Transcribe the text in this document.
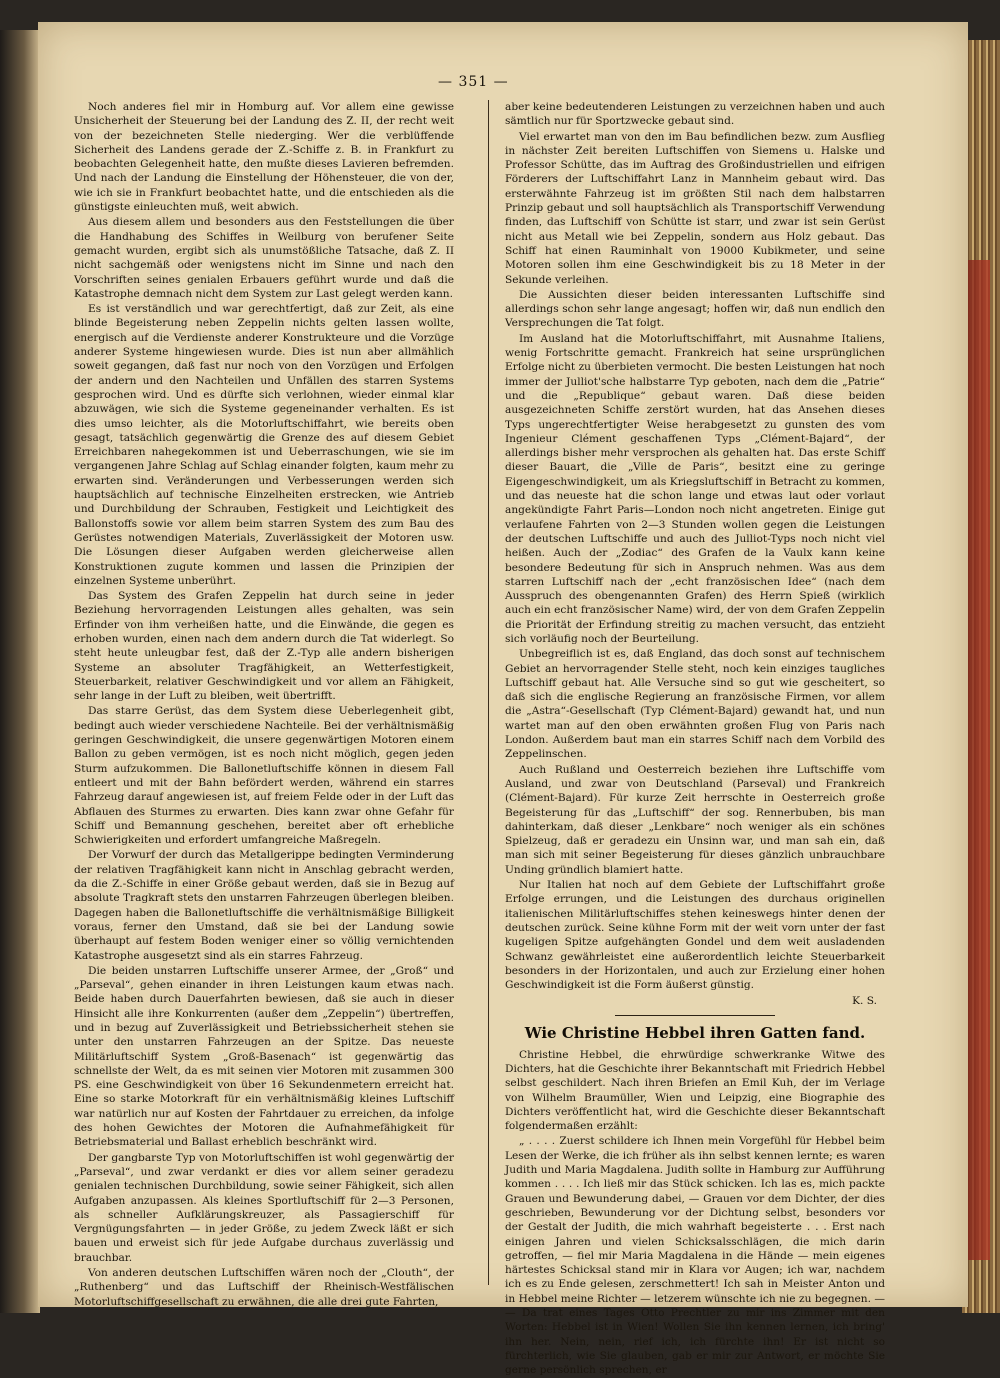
— 351 —

Noch anderes fiel mir in Homburg auf. Vor allem eine gewisse Unsicherheit der Steuerung bei der Landung des Z. II, der recht weit von der bezeichneten Stelle niederging. Wer die verblüffende Sicherheit des Landens gerade der Z.-Schiffe z. B. in Frankfurt zu beobachten Gelegenheit hatte, den mußte dieses Lavieren befremden. Und nach der Landung die Einstellung der Höhensteuer, die von der, wie ich sie in Frankfurt beobachtet hatte, und die entschieden als die günstigste einleuchten muß, weit abwich.

Aus diesem allem und besonders aus den Feststellungen die über die Handhabung des Schiffes in Weilburg von berufener Seite gemacht wurden, ergibt sich als unumstößliche Tatsache, daß Z. II nicht sachgemäß oder wenigstens nicht im Sinne und nach den Vorschriften seines genialen Erbauers geführt wurde und daß die Katastrophe demnach nicht dem System zur Last gelegt werden kann.

Es ist verständlich und war gerechtfertigt, daß zur Zeit, als eine blinde Begeisterung neben Zeppelin nichts gelten lassen wollte, energisch auf die Verdienste anderer Konstrukteure und die Vorzüge anderer Systeme hingewiesen wurde. Dies ist nun aber allmählich soweit gegangen, daß fast nur noch von den Vorzügen und Erfolgen der andern und den Nachteilen und Unfällen des starren Systems gesprochen wird. Und es dürfte sich verlohnen, wieder einmal klar abzuwägen, wie sich die Systeme gegeneinander verhalten. Es ist dies umso leichter, als die Motorluftschiffahrt, wie bereits oben gesagt, tatsächlich gegenwärtig die Grenze des auf diesem Gebiet Erreichbaren nahegekommen ist und Ueberraschungen, wie sie im vergangenen Jahre Schlag auf Schlag einander folgten, kaum mehr zu erwarten sind. Veränderungen und Verbesserungen werden sich hauptsächlich auf technische Einzelheiten erstrecken, wie Antrieb und Durchbildung der Schrauben, Festigkeit und Leichtigkeit des Ballonstoffs sowie vor allem beim starren System des zum Bau des Gerüstes notwendigen Materials, Zuverlässigkeit der Motoren usw. Die Lösungen dieser Aufgaben werden gleicherweise allen Konstruktionen zugute kommen und lassen die Prinzipien der einzelnen Systeme unberührt.

Das System des Grafen Zeppelin hat durch seine in jeder Beziehung hervorragenden Leistungen alles gehalten, was sein Erfinder von ihm verheißen hatte, und die Einwände, die gegen es erhoben wurden, einen nach dem andern durch die Tat widerlegt. So steht heute unleugbar fest, daß der Z.-Typ alle andern bisherigen Systeme an absoluter Tragfähigkeit, an Wetterfestigkeit, Steuerbarkeit, relativer Geschwindigkeit und vor allem an Fähigkeit, sehr lange in der Luft zu bleiben, weit übertrifft.

Das starre Gerüst, das dem System diese Ueberlegenheit gibt, bedingt auch wieder verschiedene Nachteile. Bei der verhältnismäßig geringen Geschwindigkeit, die unsere gegenwärtigen Motoren einem Ballon zu geben vermögen, ist es noch nicht möglich, gegen jeden Sturm aufzukommen. Die Ballonetluftschiffe können in diesem Fall entleert und mit der Bahn befördert werden, während ein starres Fahrzeug darauf angewiesen ist, auf freiem Felde oder in der Luft das Abflauen des Sturmes zu erwarten. Dies kann zwar ohne Gefahr für Schiff und Bemannung geschehen, bereitet aber oft erhebliche Schwierigkeiten und erfordert umfangreiche Maßregeln.

Der Vorwurf der durch das Metallgerippe bedingten Verminderung der relativen Tragfähigkeit kann nicht in Anschlag gebracht werden, da die Z.-Schiffe in einer Größe gebaut werden, daß sie in Bezug auf absolute Tragkraft stets den unstarren Fahrzeugen überlegen bleiben. Dagegen haben die Ballonetluftschiffe die verhältnismäßige Billigkeit voraus, ferner den Umstand, daß sie bei der Landung sowie überhaupt auf festem Boden weniger einer so völlig vernichtenden Katastrophe ausgesetzt sind als ein starres Fahrzeug.

Die beiden unstarren Luftschiffe unserer Armee, der „Groß“ und „Parseval“, gehen einander in ihren Leistungen kaum etwas nach. Beide haben durch Dauerfahrten bewiesen, daß sie auch in dieser Hinsicht alle ihre Konkurrenten (außer dem „Zeppelin“) übertreffen, und in bezug auf Zuverlässigkeit und Betriebssicherheit stehen sie unter den unstarren Fahrzeugen an der Spitze. Das neueste Militärluftschiff System „Groß-Basenach“ ist gegenwärtig das schnellste der Welt, da es mit seinen vier Motoren mit zusammen 300 PS. eine Geschwindigkeit von über 16 Sekundenmetern erreicht hat. Eine so starke Motorkraft für ein verhältnismäßig kleines Luftschiff war natürlich nur auf Kosten der Fahrtdauer zu erreichen, da infolge des hohen Gewichtes der Motoren die Aufnahmefähigkeit für Betriebsmaterial und Ballast erheblich beschränkt wird.

Der gangbarste Typ von Motorluftschiffen ist wohl gegenwärtig der „Parseval“, und zwar verdankt er dies vor allem seiner geradezu genialen technischen Durchbildung, sowie seiner Fähigkeit, sich allen Aufgaben anzupassen. Als kleines Sportluftschiff für 2—3 Personen, als schneller Aufklärungskreuzer, als Passagierschiff für Vergnügungsfahrten — in jeder Größe, zu jedem Zweck läßt er sich bauen und erweist sich für jede Aufgabe durchaus zuverlässig und brauchbar.

Von anderen deutschen Luftschiffen wären noch der „Clouth“, der „Ruthenberg“ und das Luftschiff der Rheinisch-Westfälischen Motorluftschiffgesellschaft zu erwähnen, die alle drei gute Fahrten,

aber keine bedeutenderen Leistungen zu verzeichnen haben und auch sämtlich nur für Sportzwecke gebaut sind.

Viel erwartet man von den im Bau befindlichen bezw. zum Ausflieg in nächster Zeit bereiten Luftschiffen von Siemens u. Halske und Professor Schütte, das im Auftrag des Großindustriellen und eifrigen Förderers der Luftschiffahrt Lanz in Mannheim gebaut wird. Das ersterwähnte Fahrzeug ist im größten Stil nach dem halbstarren Prinzip gebaut und soll hauptsächlich als Transportschiff Verwendung finden, das Luftschiff von Schütte ist starr, und zwar ist sein Gerüst nicht aus Metall wie bei Zeppelin, sondern aus Holz gebaut. Das Schiff hat einen Rauminhalt von 19000 Kubikmeter, und seine Motoren sollen ihm eine Geschwindigkeit bis zu 18 Meter in der Sekunde verleihen.

Die Aussichten dieser beiden interessanten Luftschiffe sind allerdings schon sehr lange angesagt; hoffen wir, daß nun endlich den Versprechungen die Tat folgt.

Im Ausland hat die Motorluftschiffahrt, mit Ausnahme Italiens, wenig Fortschritte gemacht. Frankreich hat seine ursprünglichen Erfolge nicht zu überbieten vermocht. Die besten Leistungen hat noch immer der Julliot'sche halbstarre Typ geboten, nach dem die „Patrie“ und die „Republique“ gebaut waren. Daß diese beiden ausgezeichneten Schiffe zerstört wurden, hat das Ansehen dieses Typs ungerechtfertigter Weise herabgesetzt zu gunsten des vom Ingenieur Clément geschaffenen Typs „Clément-Bajard“, der allerdings bisher mehr versprochen als gehalten hat. Das erste Schiff dieser Bauart, die „Ville de Paris“, besitzt eine zu geringe Eigengeschwindigkeit, um als Kriegsluftschiff in Betracht zu kommen, und das neueste hat die schon lange und etwas laut oder vorlaut angekündigte Fahrt Paris—London noch nicht angetreten. Einige gut verlaufene Fahrten von 2—3 Stunden wollen gegen die Leistungen der deutschen Luftschiffe und auch des Julliot-Typs noch nicht viel heißen. Auch der „Zodiac“ des Grafen de la Vaulx kann keine besondere Bedeutung für sich in Anspruch nehmen. Was aus dem starren Luftschiff nach der „echt französischen Idee“ (nach dem Ausspruch des obengenannten Grafen) des Herrn Spieß (wirklich auch ein echt französischer Name) wird, der von dem Grafen Zeppelin die Priorität der Erfindung streitig zu machen versucht, das entzieht sich vorläufig noch der Beurteilung.

Unbegreiflich ist es, daß England, das doch sonst auf technischem Gebiet an hervorragender Stelle steht, noch kein einziges taugliches Luftschiff gebaut hat. Alle Versuche sind so gut wie gescheitert, so daß sich die englische Regierung an französische Firmen, vor allem die „Astra“-Gesellschaft (Typ Clément-Bajard) gewandt hat, und nun wartet man auf den oben erwähnten großen Flug von Paris nach London. Außerdem baut man ein starres Schiff nach dem Vorbild des Zeppelinschen.

Auch Rußland und Oesterreich beziehen ihre Luftschiffe vom Ausland, und zwar von Deutschland (Parseval) und Frankreich (Clément-Bajard). Für kurze Zeit herrschte in Oesterreich große Begeisterung für das „Luftschiff“ der sog. Rennerbuben, bis man dahinterkam, daß dieser „Lenkbare“ noch weniger als ein schönes Spielzeug, daß er geradezu ein Unsinn war, und man sah ein, daß man sich mit seiner Begeisterung für dieses gänzlich unbrauchbare Unding gründlich blamiert hatte.

Nur Italien hat noch auf dem Gebiete der Luftschiffahrt große Erfolge errungen, und die Leistungen des durchaus originellen italienischen Militärluftschiffes stehen keineswegs hinter denen der deutschen zurück. Seine kühne Form mit der weit vorn unter der fast kugeligen Spitze aufgehängten Gondel und dem weit ausladenden Schwanz gewährleistet eine außerordentlich leichte Steuerbarkeit besonders in der Horizontalen, und auch zur Erzielung einer hohen Geschwindigkeit ist die Form äußerst günstig.

K. S.
Wie Christine Hebbel ihren Gatten fand.

Christine Hebbel, die ehrwürdige schwerkranke Witwe des Dichters, hat die Geschichte ihrer Bekanntschaft mit Friedrich Hebbel selbst geschildert. Nach ihren Briefen an Emil Kuh, der im Verlage von Wilhelm Braumüller, Wien und Leipzig, eine Biographie des Dichters veröffentlicht hat, wird die Geschichte dieser Bekanntschaft folgendermaßen erzählt:

„ . . . . Zuerst schildere ich Ihnen mein Vorgefühl für Hebbel beim Lesen der Werke, die ich früher als ihn selbst kennen lernte; es waren Judith und Maria Magdalena. Judith sollte in Hamburg zur Aufführung kommen . . . . Ich ließ mir das Stück schicken. Ich las es, mich packte Grauen und Bewunderung dabei, — Grauen vor dem Dichter, der dies geschrieben, Bewunderung vor der Dichtung selbst, besonders vor der Gestalt der Judith, die mich wahrhaft begeisterte . . . Erst nach einigen Jahren und vielen Schicksalsschlägen, die mich darin getroffen, — fiel mir Maria Magdalena in die Hände — mein eigenes härtestes Schicksal stand mir in Klara vor Augen; ich war, nachdem ich es zu Ende gelesen, zerschmettert! Ich sah in Meister Anton und in Hebbel meine Richter — letzerem wünschte ich nie zu begegnen. — — Da trat eines Tages Otto Prechtler zu mir ins Zimmer mit den Worten: Hebbel ist in Wien! Wollen Sie ihn kennen lernen, ich bring' ihn her. Nein, nein, rief ich, ich fürchte ihn! Er ist nicht so fürchterlich, wie Sie glauben, gab er mir zur Antwort, er möchte Sie gerne persönlich sprechen, er
